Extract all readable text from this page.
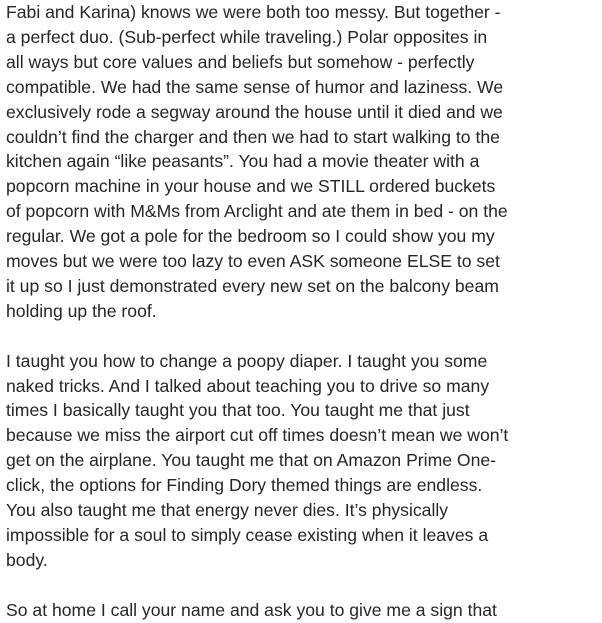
Fabi and Karina) knows we were both too messy. But together -
a perfect duo. (Sub-perfect while traveling.) Polar opposites in
all ways but core values and beliefs but somehow - perfectly
compatible. We had the same sense of humor and laziness. We
exclusively rode a segway around the house until it died and we
couldn’t find the charger and then we had to start walking to the
kitchen again “like peasants”. You had a movie theater with a
popcorn machine in your house and we STILL ordered buckets
of popcorn with M&Ms from Arclight and ate them in bed - on the
regular. We got a pole for the bedroom so I could show you my
moves but we were too lazy to even ASK someone ELSE to set
it up so I just demonstrated every new set on the balcony beam
holding up the roof.

I taught you how to change a poopy diaper. I taught you some
naked tricks. And I talked about teaching you to drive so many
times I basically taught you that too. You taught me that just
because we miss the airport cut off times doesn’t mean we won’t
get on the airplane. You taught me that on Amazon Prime One-
click, the options for Finding Dory themed things are endless.
You also taught me that energy never dies. It’s physically
impossible for a soul to simply cease existing when it leaves a
body.

So at home I call your name and ask you to give me a sign that
